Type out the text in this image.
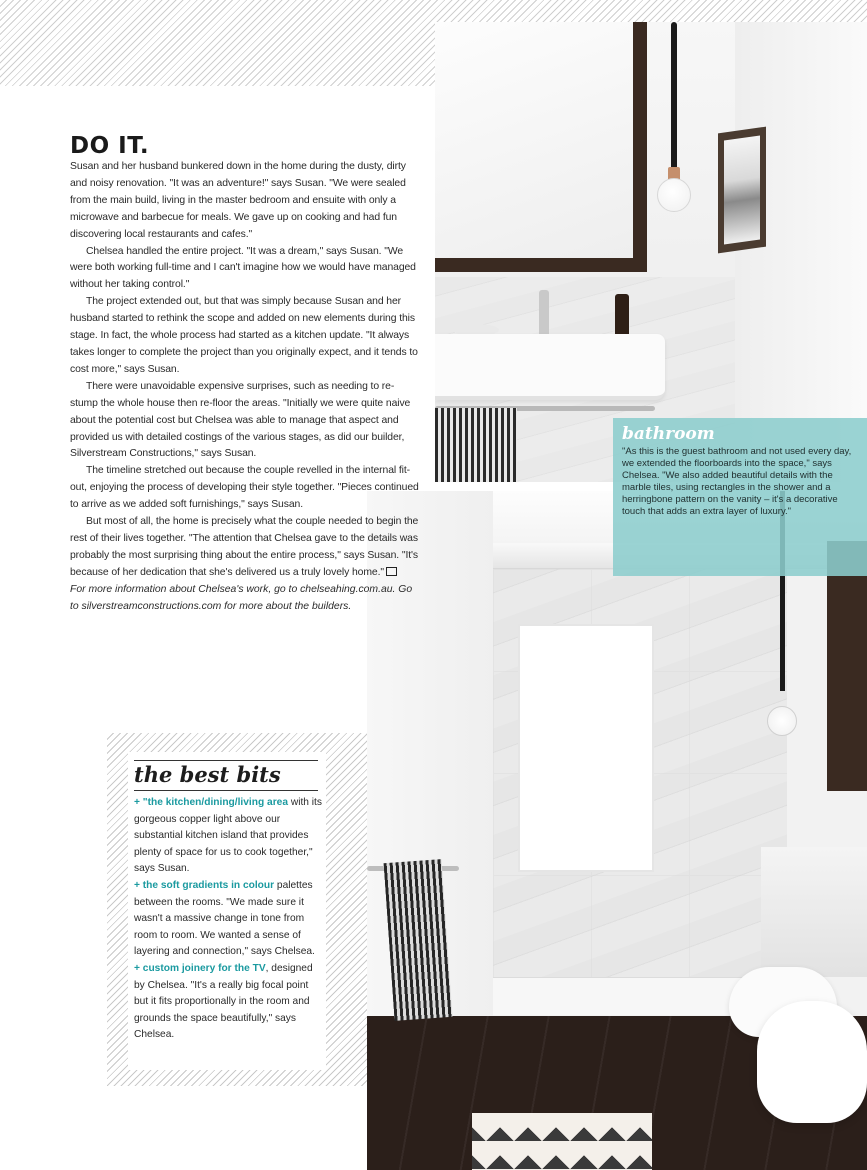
bathroom
"As this is the guest bathroom and not used every day, we extended the floorboards into the space," says Chelsea. "We also added beautiful details with the marble tiles, using rectangles in the shower and a herringbone pattern on the vanity – it's a decorative touch that adds an extra layer of luxury."
DO IT.

Susan and her husband bunkered down in the home during the dusty, dirty and noisy renovation. "It was an adventure!" says Susan. "We were sealed from the main build, living in the master bedroom and ensuite with only a microwave and barbecue for meals. We gave up on cooking and had fun discovering local restaurants and cafes."

Chelsea handled the entire project. "It was a dream," says Susan. "We were both working full-time and I can't imagine how we would have managed without her taking control."

The project extended out, but that was simply because Susan and her husband started to rethink the scope and added on new elements during this stage. In fact, the whole process had started as a kitchen update. "It always takes longer to complete the project than you originally expect, and it tends to cost more," says Susan.

There were unavoidable expensive surprises, such as needing to re-stump the whole house then re-floor the areas. "Initially we were quite naive about the potential cost but Chelsea was able to manage that aspect and provided us with detailed costings of the various stages, as did our builder, Silverstream Constructions," says Susan.

The timeline stretched out because the couple revelled in the internal fit-out, enjoying the process of developing their style together. "Pieces continued to arrive as we added soft furnishings," says Susan.

But most of all, the home is precisely what the couple needed to begin the rest of their lives together. "The attention that Chelsea gave to the details was probably the most surprising thing about the entire process," says Susan. "It's because of her dedication that she's delivered us a truly lovely home."

For more information about Chelsea's work, go to chelseahing.com.au. Go to silverstreamconstructions.com for more about the builders.
the best bits
+ "the kitchen/dining/living area with its gorgeous copper light above our substantial kitchen island that provides plenty of space for us to cook together," says Susan.
+ the soft gradients in colour palettes between the rooms. "We made sure it wasn't a massive change in tone from room to room. We wanted a sense of layering and connection," says Chelsea.
+ custom joinery for the TV, designed by Chelsea. "It's a really big focal point but it fits proportionally in the room and grounds the space beautifully," says Chelsea.
